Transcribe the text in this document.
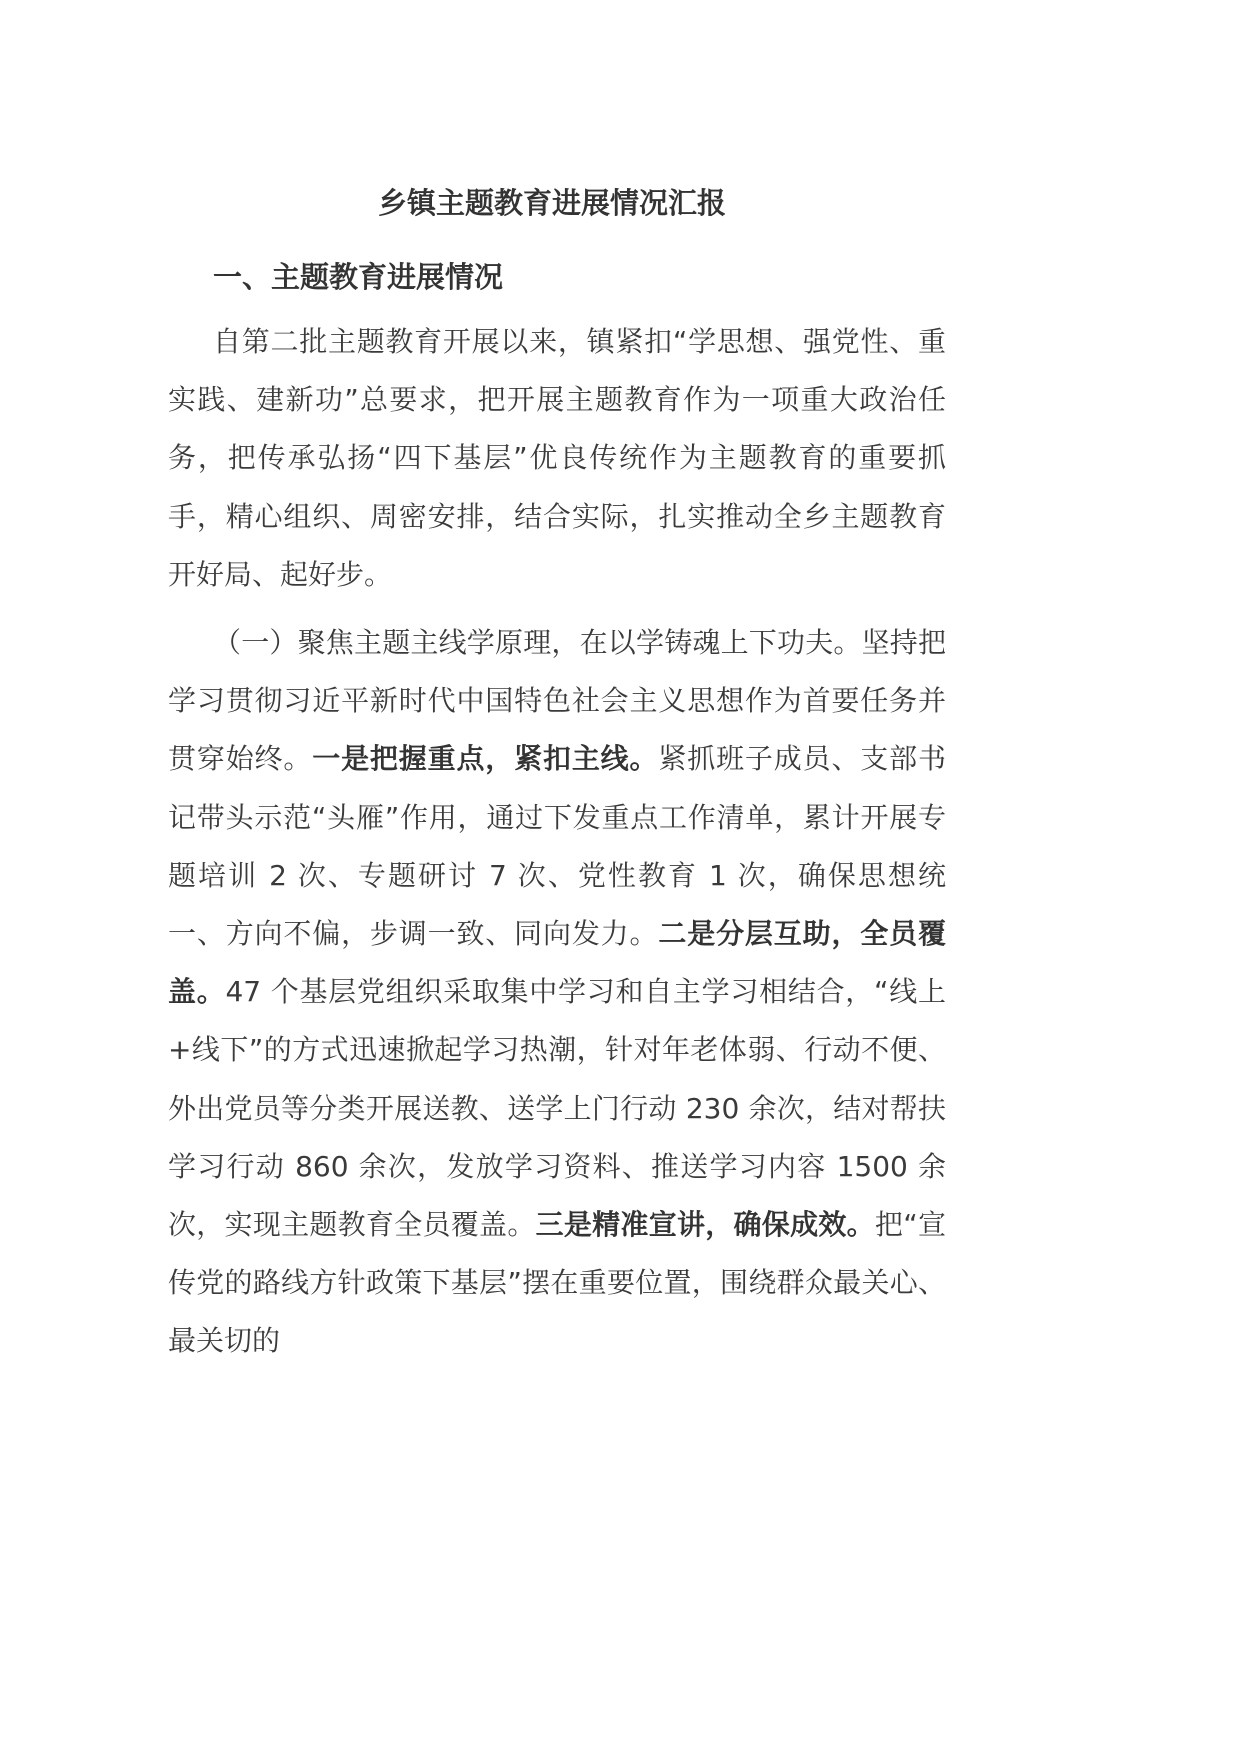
乡镇主题教育进展情况汇报
一、主题教育进展情况

自第二批主题教育开展以来，镇紧扣“学思想、强党性、重实践、建新功”总要求，把开展主题教育作为一项重大政治任务，把传承弘扬“四下基层”优良传统作为主题教育的重要抓手，精心组织、周密安排，结合实际，扎实推动全乡主题教育开好局、起好步。

（一）聚焦主题主线学原理，在以学铸魂上下功夫。坚持把学习贯彻习近平新时代中国特色社会主义思想作为首要任务并贯穿始终。一是把握重点，紧扣主线。紧抓班子成员、支部书记带头示范“头雁”作用，通过下发重点工作清单，累计开展专题培训 2 次、专题研讨 7 次、党性教育 1 次，确保思想统一、方向不偏，步调一致、同向发力。二是分层互助，全员覆盖。47 个基层党组织采取集中学习和自主学习相结合，“线上+线下”的方式迅速掀起学习热潮，针对年老体弱、行动不便、外出党员等分类开展送教、送学上门行动 230 余次，结对帮扶学习行动 860 余次，发放学习资料、推送学习内容 1500 余次，实现主题教育全员覆盖。三是精准宣讲，确保成效。把“宣传党的路线方针政策下基层”摆在重要位置，围绕群众最关心、最关切的
